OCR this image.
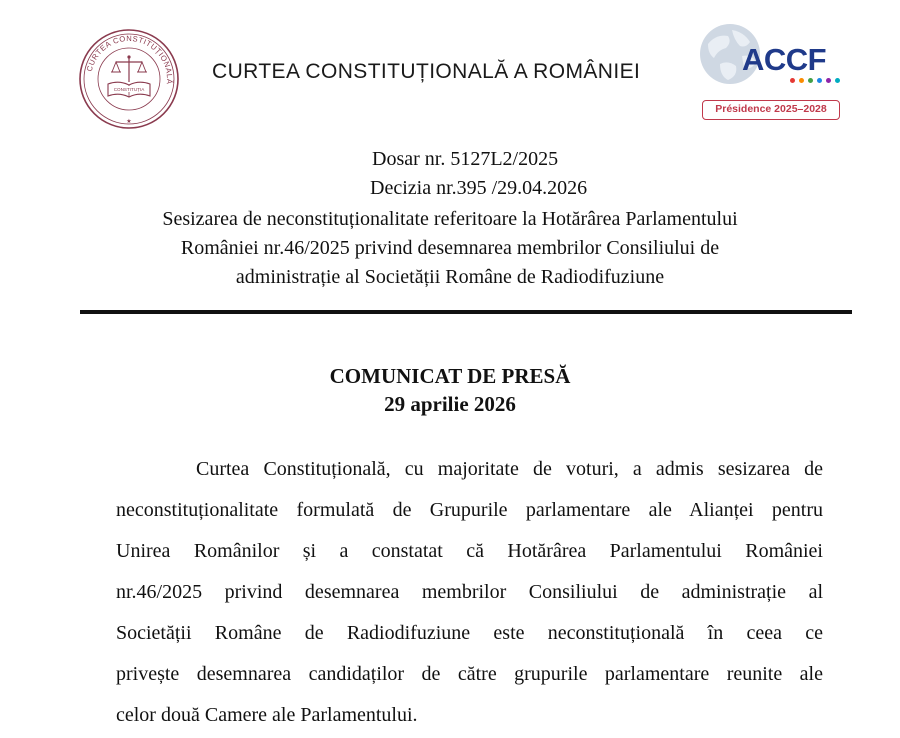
CURTEA CONSTITUȚIONALĂ
CONSTITUȚIA
★
CURTEA CONSTITUȚIONALĂ A ROMÂNIEI	ACCF
Présidence 2025–2028
Dosar nr. 5127L2/2025
Decizia nr.395 /29.04.2026
Sesizarea de neconstituționalitate referitoare la Hotărârea Parlamentului
României nr.46/2025 privind desemnarea membrilor Consiliului de
administrație al Societății Române de Radiodifuziune
COMUNICAT DE PRESĂ
29 aprilie 2026
Curtea Constituțională, cu majoritate de voturi, a admis sesizarea de
neconstituționalitate formulată de Grupurile parlamentare ale Alianței pentru
Unirea Românilor și a constatat că Hotărârea Parlamentului României
nr.46/2025 privind desemnarea membrilor Consiliului de administrație al
Societății Române de Radiodifuziune este neconstituțională în ceea ce
privește desemnarea candidaților de către grupurile parlamentare reunite ale
celor două Camere ale Parlamentului.
